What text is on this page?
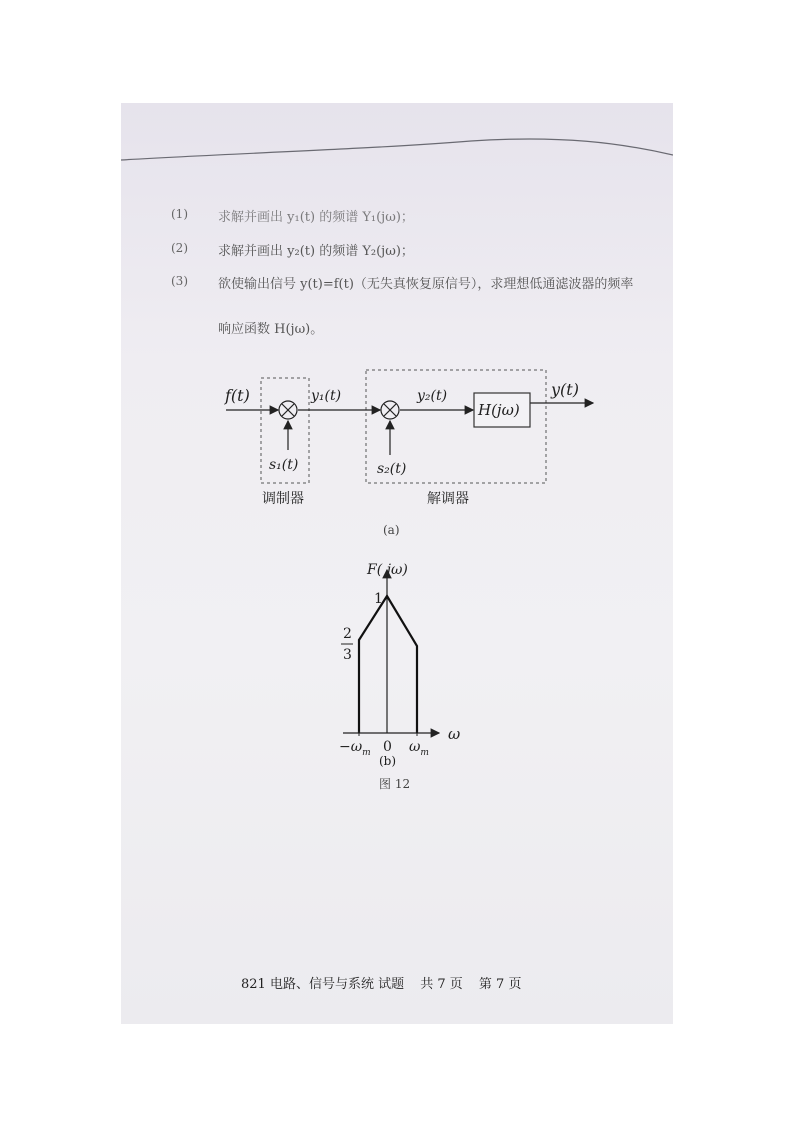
(1) 求解并画出 y₁(t) 的频谱 Y₁(jω)；
(2) 求解并画出 y₂(t) 的频谱 Y₂(jω)；
(3) 欲使输出信号 y(t)=f(t)（无失真恢复原信号），求理想低通滤波器的频率
响应函数 H(jω)。
f(t)	y₁(t)
s₁(t)
y₂(t)
s₂(t)
H(jω)
y(t)
调制器	解调器
(a)
F( jω)
1
2
3
$-\omega_m$ 0 $\omega_m$
ω
(b)
图 12
821 电路、信号与系统 试题 共 7 页 第 7 页
